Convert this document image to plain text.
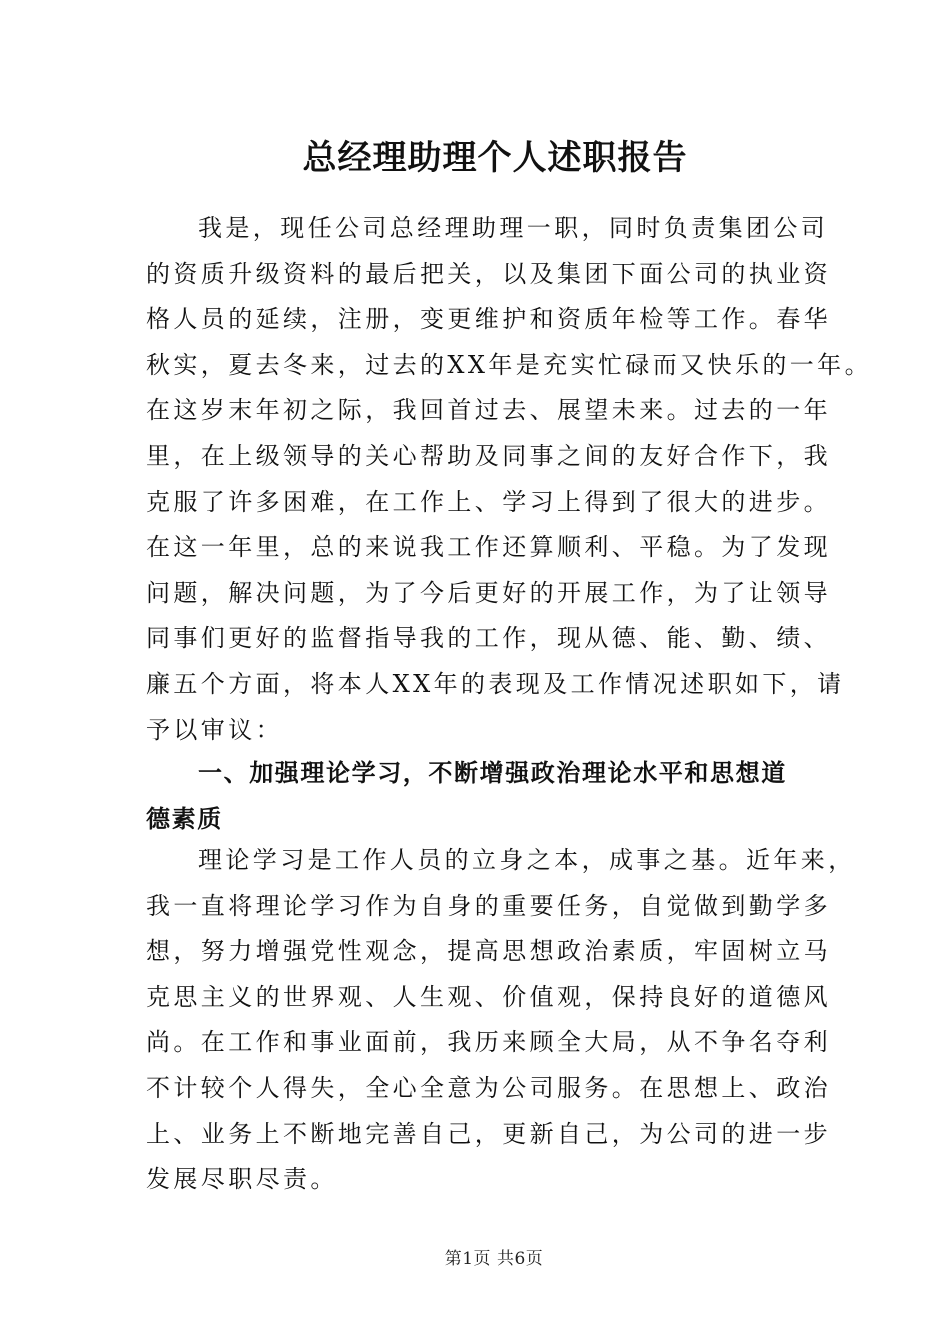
总经理助理个人述职报告
我是，现任公司总经理助理一职，同时负责集团公司
的资质升级资料的最后把关，以及集团下面公司的执业资
格人员的延续，注册，变更维护和资质年检等工作。春华
秋实，夏去冬来，过去的XX年是充实忙碌而又快乐的一年。
在这岁末年初之际，我回首过去、展望未来。过去的一年
里，在上级领导的关心帮助及同事之间的友好合作下，我
克服了许多困难，在工作上、学习上得到了很大的进步。
在这一年里，总的来说我工作还算顺利、平稳。为了发现
问题，解决问题，为了今后更好的开展工作，为了让领导
同事们更好的监督指导我的工作，现从德、能、勤、绩、
廉五个方面，将本人XX年的表现及工作情况述职如下，请
予以审议：
一、加强理论学习，不断增强政治理论水平和思想道
德素质
理论学习是工作人员的立身之本，成事之基。近年来，
我一直将理论学习作为自身的重要任务，自觉做到勤学多
想，努力增强党性观念，提高思想政治素质，牢固树立马
克思主义的世界观、人生观、价值观，保持良好的道德风
尚。在工作和事业面前，我历来顾全大局，从不争名夺利
不计较个人得失，全心全意为公司服务。在思想上、政治
上、业务上不断地完善自己，更新自己，为公司的进一步
发展尽职尽责。
第1页 共6页
